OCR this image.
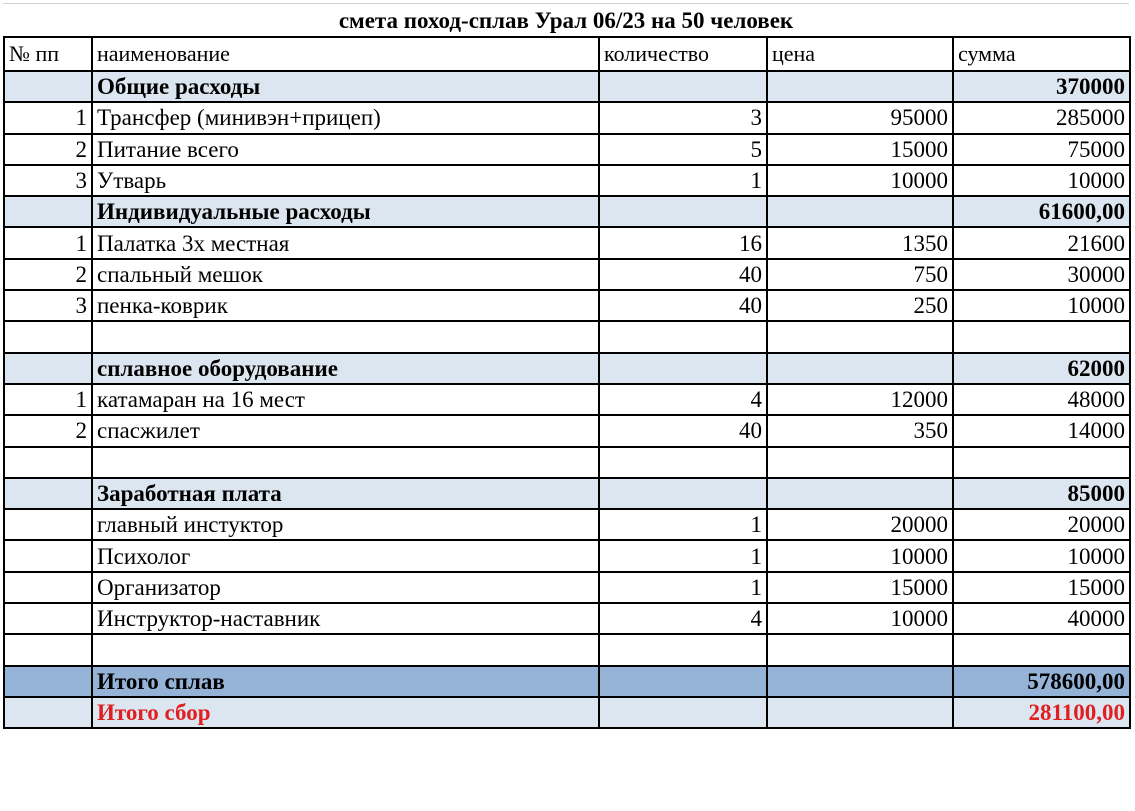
смета поход-сплав Урал 06/23 на 50 человек
№ пп	наименование	количество	цена	сумма
	Общие расходы			370000
1	Трансфер (минивэн+прицеп)	3	95000	285000
2	Питание всего	5	15000	75000
3	Утварь	1	10000	10000
	Индивидуальные расходы			61600,00
1	Палатка 3х местная	16	1350	21600
2	спальный мешок	40	750	30000
3	пенка-коврик	40	250	10000

	сплавное оборудование			62000
1	катамаран на 16 мест	4	12000	48000
2	спасжилет	40	350	14000

	Заработная плата			85000
	главный инстуктор	1	20000	20000
	Психолог	1	10000	10000
	Организатор	1	15000	15000
	Инструктор-наставник	4	10000	40000

	Итого сплав			578600,00
	Итого сбор			281100,00
